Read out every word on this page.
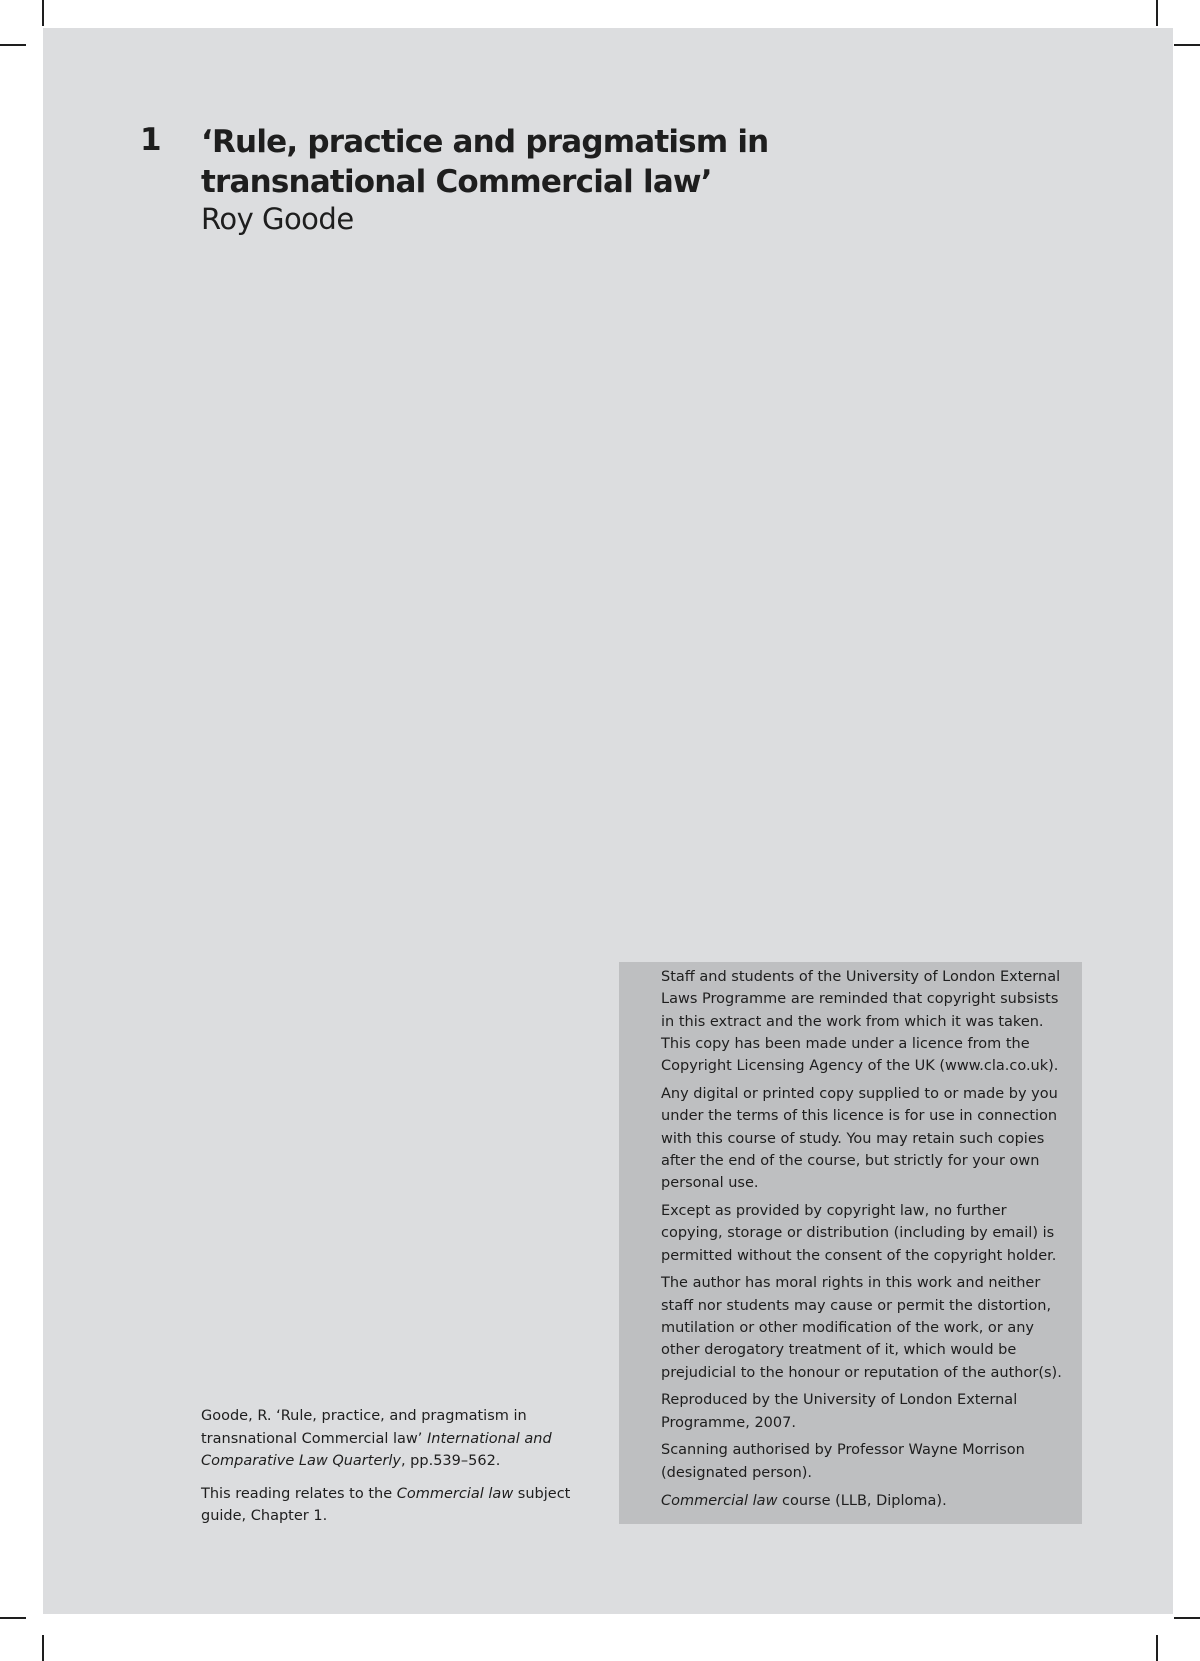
1 ‘Rule, practice and pragmatism in transnational Commercial law’
Roy Goode

Staff and students of the University of London External Laws Programme are reminded that copyright subsists in this extract and the work from which it was taken. This copy has been made under a licence from the Copyright Licensing Agency of the UK (www.cla.co.uk).

Any digital or printed copy supplied to or made by you under the terms of this licence is for use in connection with this course of study. You may retain such copies after the end of the course, but strictly for your own personal use.

Except as provided by copyright law, no further copying, storage or distribution (including by email) is permitted without the consent of the copyright holder.

The author has moral rights in this work and neither staff nor students may cause or permit the distortion, mutilation or other modification of the work, or any other derogatory treatment of it, which would be prejudicial to the honour or reputation of the author(s).

Reproduced by the University of London External Programme, 2007.

Scanning authorised by Professor Wayne Morrison (designated person).

Commercial law course (LLB, Diploma).

Goode, R. ‘Rule, practice, and pragmatism in transnational Commercial law’ International and Comparative Law Quarterly, pp.539–562.

This reading relates to the Commercial law subject guide, Chapter 1.
